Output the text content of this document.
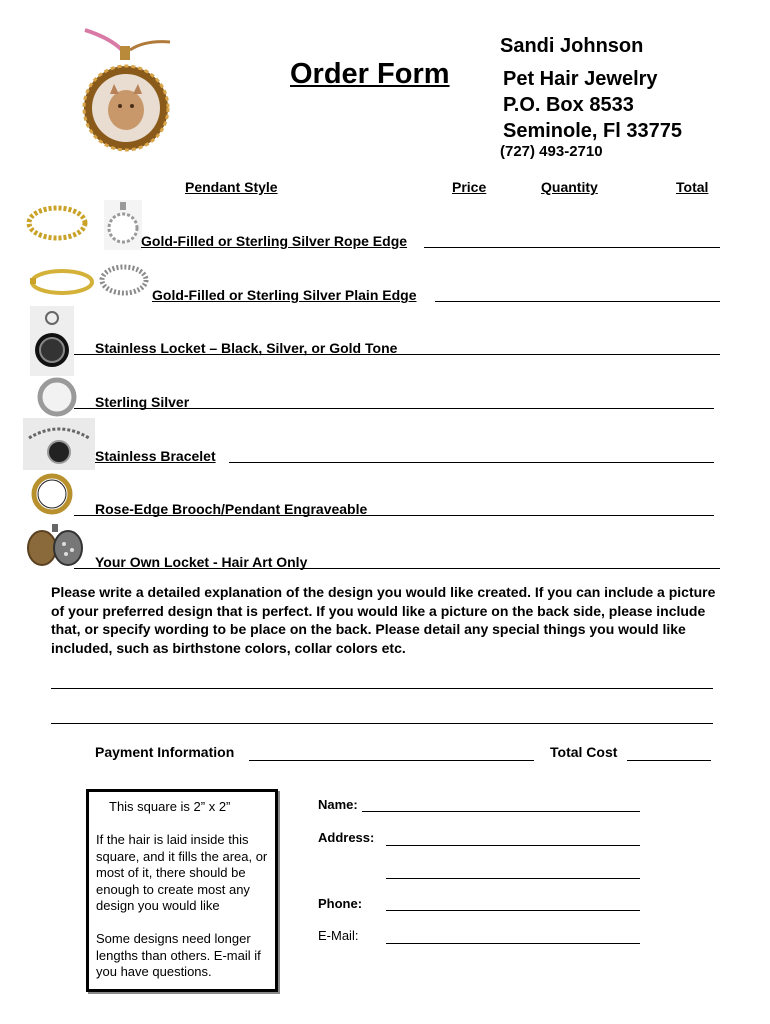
Order Form
Sandi Johnson
Pet Hair Jewelry
P.O. Box 8533
Seminole, Fl 33775
(727) 493-2710
Pendant Style	Price	Quantity	Total
Gold-Filled or Sterling Silver Rope Edge
Gold-Filled or Sterling Silver Plain Edge
Stainless Locket – Black, Silver, or Gold Tone
Sterling Silver
Stainless Bracelet
Rose-Edge Brooch/Pendant Engraveable
Your Own Locket - Hair Art Only
Please write a detailed explanation of the design you would like created. If you can include a picture of your preferred design that is perfect. If you would like a picture on the back side, please include that, or specify wording to be place on the back. Please detail any special things you would like included, such as birthstone colors, collar colors etc.
Payment Information	Total Cost
This square is 2” x 2”
If the hair is laid inside this square, and it fills the area, or most of it, there should be enough to create most any design you would like
Some designs need longer lengths than others. E-mail if you have questions.
Name:
Address:
Phone:
E-Mail:
